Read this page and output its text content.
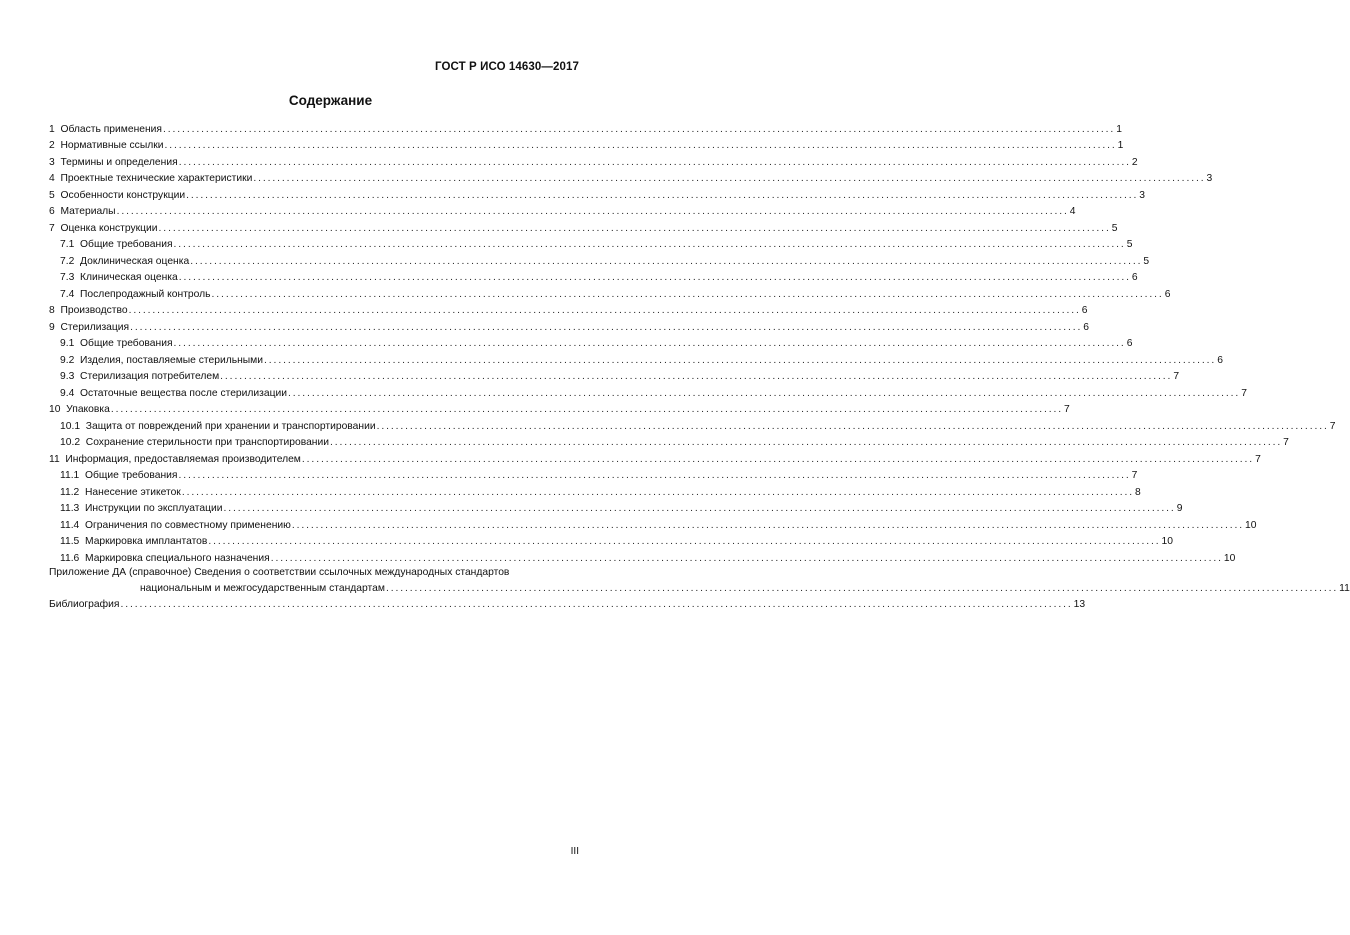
ГОСТ Р ИСО 14630—2017
Содержание
1  Область применения ........................................................................................................................................................................................................ 1
2  Нормативные ссылки ........................................................................................................................................................................................................ 1
3  Термины и определения ........................................................................................................................................................................................................ 2
4  Проектные технические характеристики ........................................................................................................................................................................................................ 3
5  Особенности конструкции ........................................................................................................................................................................................................ 3
6  Материалы ........................................................................................................................................................................................................ 4
7  Оценка конструкции ........................................................................................................................................................................................................ 5
7.1  Общие требования ........................................................................................................................................................................................................ 5
7.2  Доклиническая оценка ........................................................................................................................................................................................................ 5
7.3  Клиническая оценка ........................................................................................................................................................................................................ 6
7.4  Послепродажный контроль ........................................................................................................................................................................................................ 6
8  Производство ........................................................................................................................................................................................................ 6
9  Стерилизация ........................................................................................................................................................................................................ 6
9.1  Общие требования ........................................................................................................................................................................................................ 6
9.2  Изделия, поставляемые стерильными ........................................................................................................................................................................................................ 6
9.3  Стерилизация потребителем ........................................................................................................................................................................................................ 7
9.4  Остаточные вещества после стерилизации ........................................................................................................................................................................................................ 7
10  Упаковка ........................................................................................................................................................................................................ 7
10.1  Защита от повреждений при хранении и транспортировании ........................................................................................................................................................................................................ 7
10.2  Сохранение стерильности при транспортировании ........................................................................................................................................................................................................ 7
11  Информация, предоставляемая производителем ........................................................................................................................................................................................................ 7
11.1  Общие требования ........................................................................................................................................................................................................ 7
11.2  Нанесение этикеток ........................................................................................................................................................................................................ 8
11.3  Инструкции по эксплуатации ........................................................................................................................................................................................................ 9
11.4  Ограничения по совместному применению ........................................................................................................................................................................................................ 10
11.5  Маркировка имплантатов ........................................................................................................................................................................................................ 10
11.6  Маркировка специального назначения ........................................................................................................................................................................................................ 10
Приложение ДА (справочное) Сведения о соответствии ссылочных международных стандартов
национальным и межгосударственным стандартам ........................................................................................................................................................................................................ 11
Библиография ........................................................................................................................................................................................................ 13
III
